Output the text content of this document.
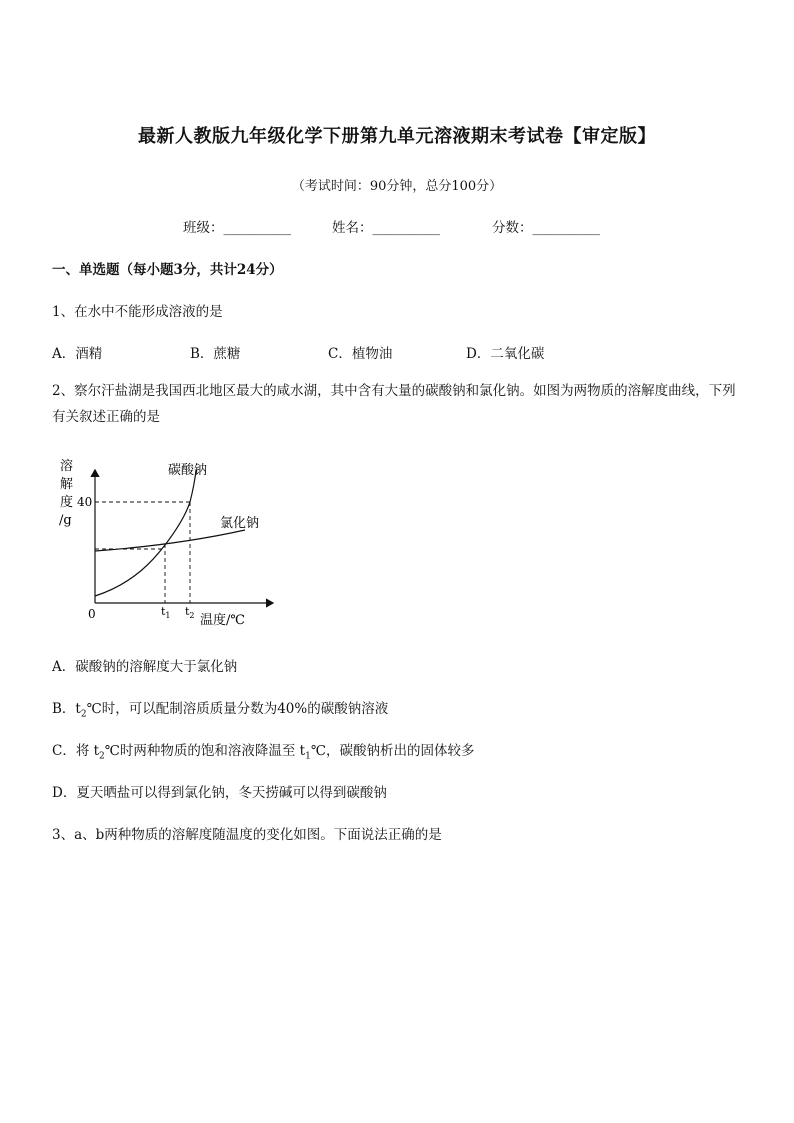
最新人教版九年级化学下册第九单元溶液期末考试卷【审定版】
（考试时间：90分钟，总分100分）
班级：__________	姓名：__________	分数：__________
一、单选题（每小题3分，共计24分）
1、在水中不能形成溶液的是
A．酒精	B．蔗糖	C．植物油	D．二氧化碳
2、察尔汗盐湖是我国西北地区最大的咸水湖，其中含有大量的碳酸钠和氯化钠。如图为两物质的溶解度曲线，下列有关叙述正确的是
溶
解
度
/g
40
0	$t_1$ $t_2$ 温度/℃
碳酸钠
氯化钠
A．碳酸钠的溶解度大于氯化钠
B．$t_2℃$时，可以配制溶质质量分数为40%的碳酸钠溶液
C．将 $t_2℃$时两种物质的饱和溶液降温至 $t_1℃$，碳酸钠析出的固体较多
D．夏天晒盐可以得到氯化钠，冬天捞碱可以得到碳酸钠
3、a、b两种物质的溶解度随温度的变化如图。下面说法正确的是
